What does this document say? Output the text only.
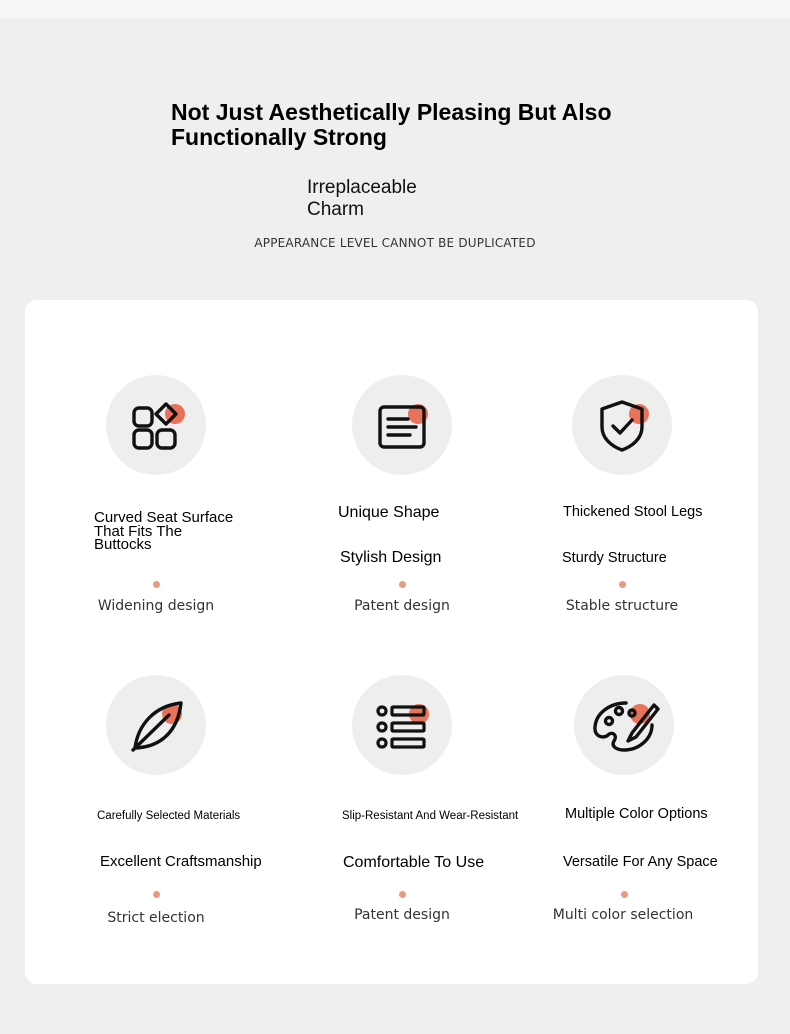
Not Just Aesthetically Pleasing But Also Functionally Strong
Irreplaceable Charm
APPEARANCE LEVEL CANNOT BE DUPLICATED
Curved Seat Surface That Fits The Buttocks
Widening design
Unique Shape
Stylish Design
Patent design
Thickened Stool Legs
Sturdy Structure
Stable structure
Carefully Selected Materials
Excellent Craftsmanship
Strict election
Slip-Resistant And Wear-Resistant
Comfortable To Use
Patent design
Multiple Color Options
Versatile For Any Space
Multi color selection
